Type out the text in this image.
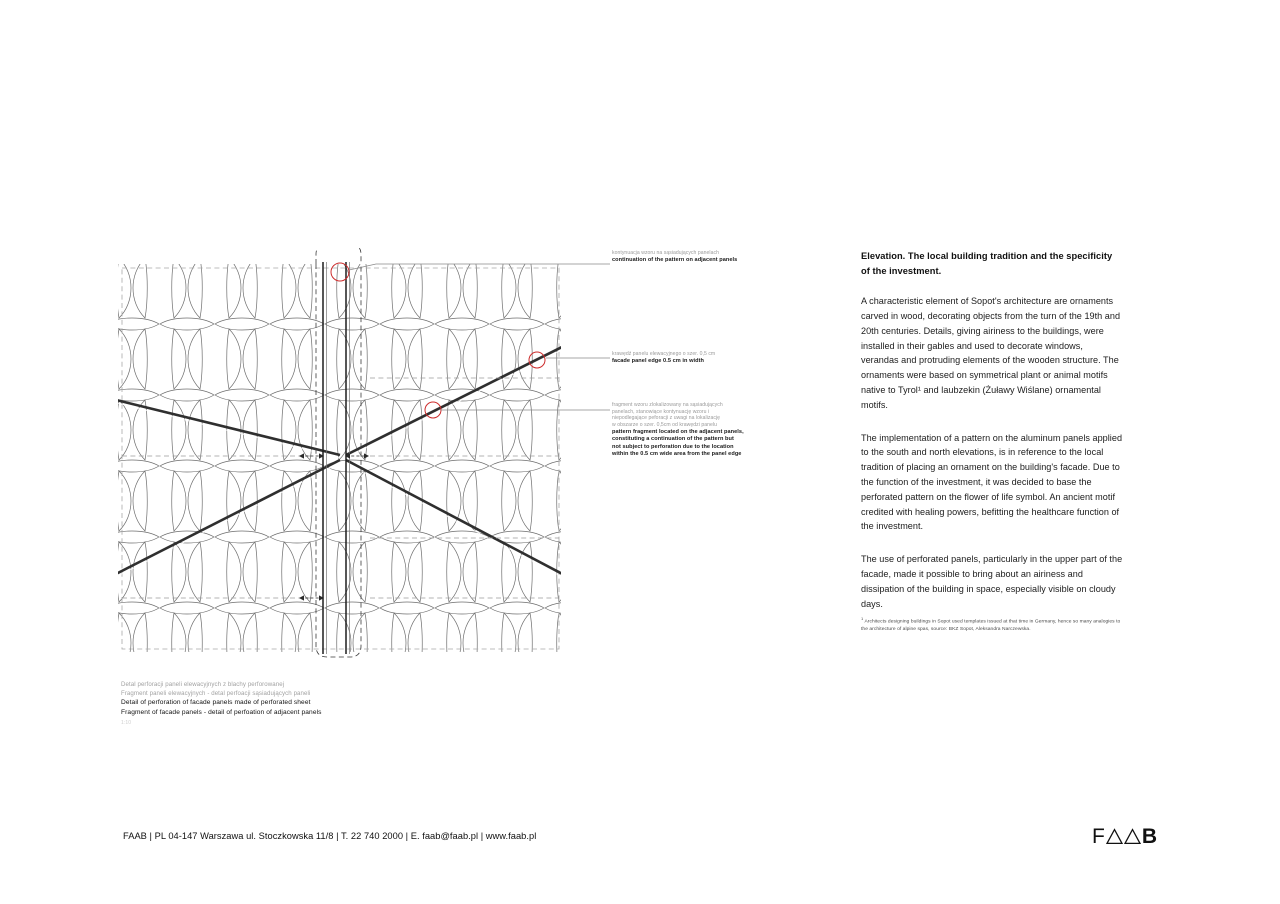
kontynuacja wzoru na sąsiadujących panelach
continuation of the pattern on adjacent panels
krawędź panelu elewacyjnego o szer. 0,5 cm
facade panel edge 0.5 cm in width
fragment wzoru zlokalizowany na sąsiadujących
panelach, stanowiące kontynuację wzoru i
niepodlegające peforacji z uwagi na lokalizację
w obszarze o szer. 0,5cm od krawędzi panelu
pattern fragment located on the adjacent panels,
constituting a continuation of the pattern but
not subject to perforation due to the location
within the 0.5 cm wide area from the panel edge
Detal perforacji paneli elewacyjnych z blachy perforowanej
Fragment paneli elewacyjnych - detal perfoacji sąsiadujących paneli
Detail of perforation of facade panels made of perforated sheet
Fragment of facade panels - detail of perfoation of adjacent panels
1:10
Elevation. The local building tradition and the specificity of the investment.

A characteristic element of Sopot's architecture are ornaments carved in wood, decorating objects from the turn of the 19th and 20th centuries. Details, giving airiness to the buildings, were installed in their gables and used to decorate windows, verandas and protruding elements of the wooden structure. The ornaments were based on symmetrical plant or animal motifs native to Tyrol¹ and laubzekin (Żuławy Wiślane) ornamental motifs.

The implementation of a pattern on the aluminum panels applied to the south and north elevations, is in reference to the local tradition of placing an ornament on the building's facade. Due to the function of the investment, it was decided to base the perforated pattern on the flower of life symbol. An ancient motif credited with healing powers, befitting the healthcare function of the investment.

The use of perforated panels, particularly in the upper part of the facade, made it possible to bring about an airiness and dissipation of the building in space, especially visible on cloudy days.

$^1$ Architects designing buildings in Sopot used templates issued at that time in Germany, hence so many analogies to the architecture of alpine spas, source: BKZ Sopot, Aleksandra Narczewska.
FAAB | PL 04-147 Warszawa ul. Stoczkowska 11/8 | T. 22 740 2000 | E. faab@faab.pl | www.faab.pl	F B
